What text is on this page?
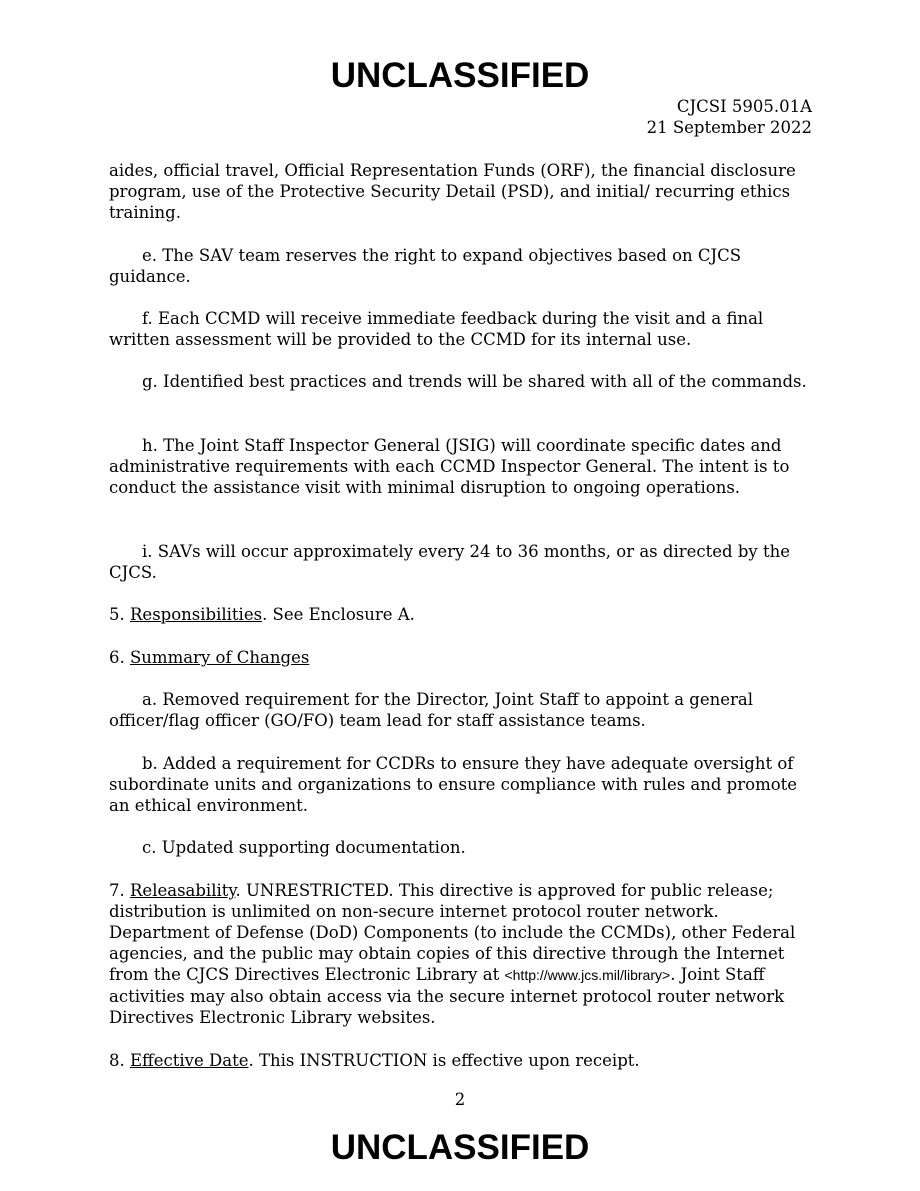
UNCLASSIFIED
CJCSI 5905.01A
21 September 2022

aides, official travel, Official Representation Funds (ORF), the financial disclosure program, use of the Protective Security Detail (PSD), and initial/ recurring ethics training.

e. The SAV team reserves the right to expand objectives based on CJCS guidance.

f. Each CCMD will receive immediate feedback during the visit and a final written assessment will be provided to the CCMD for its internal use.

g. Identified best practices and trends will be shared with all of the commands.

h. The Joint Staff Inspector General (JSIG) will coordinate specific dates and administrative requirements with each CCMD Inspector General. The intent is to conduct the assistance visit with minimal disruption to ongoing operations.

i. SAVs will occur approximately every 24 to 36 months, or as directed by the CJCS.

5. Responsibilities. See Enclosure A.

6. Summary of Changes

a. Removed requirement for the Director, Joint Staff to appoint a general officer/flag officer (GO/FO) team lead for staff assistance teams.

b. Added a requirement for CCDRs to ensure they have adequate oversight of subordinate units and organizations to ensure compliance with rules and promote an ethical environment.

c. Updated supporting documentation.

7. Releasability. UNRESTRICTED. This directive is approved for public release; distribution is unlimited on non-secure internet protocol router network. Department of Defense (DoD) Components (to include the CCMDs), other Federal agencies, and the public may obtain copies of this directive through the Internet from the CJCS Directives Electronic Library at <http://www.jcs.mil/library>. Joint Staff activities may also obtain access via the secure internet protocol router network Directives Electronic Library websites.

8. Effective Date. This INSTRUCTION is effective upon receipt.

2
UNCLASSIFIED
